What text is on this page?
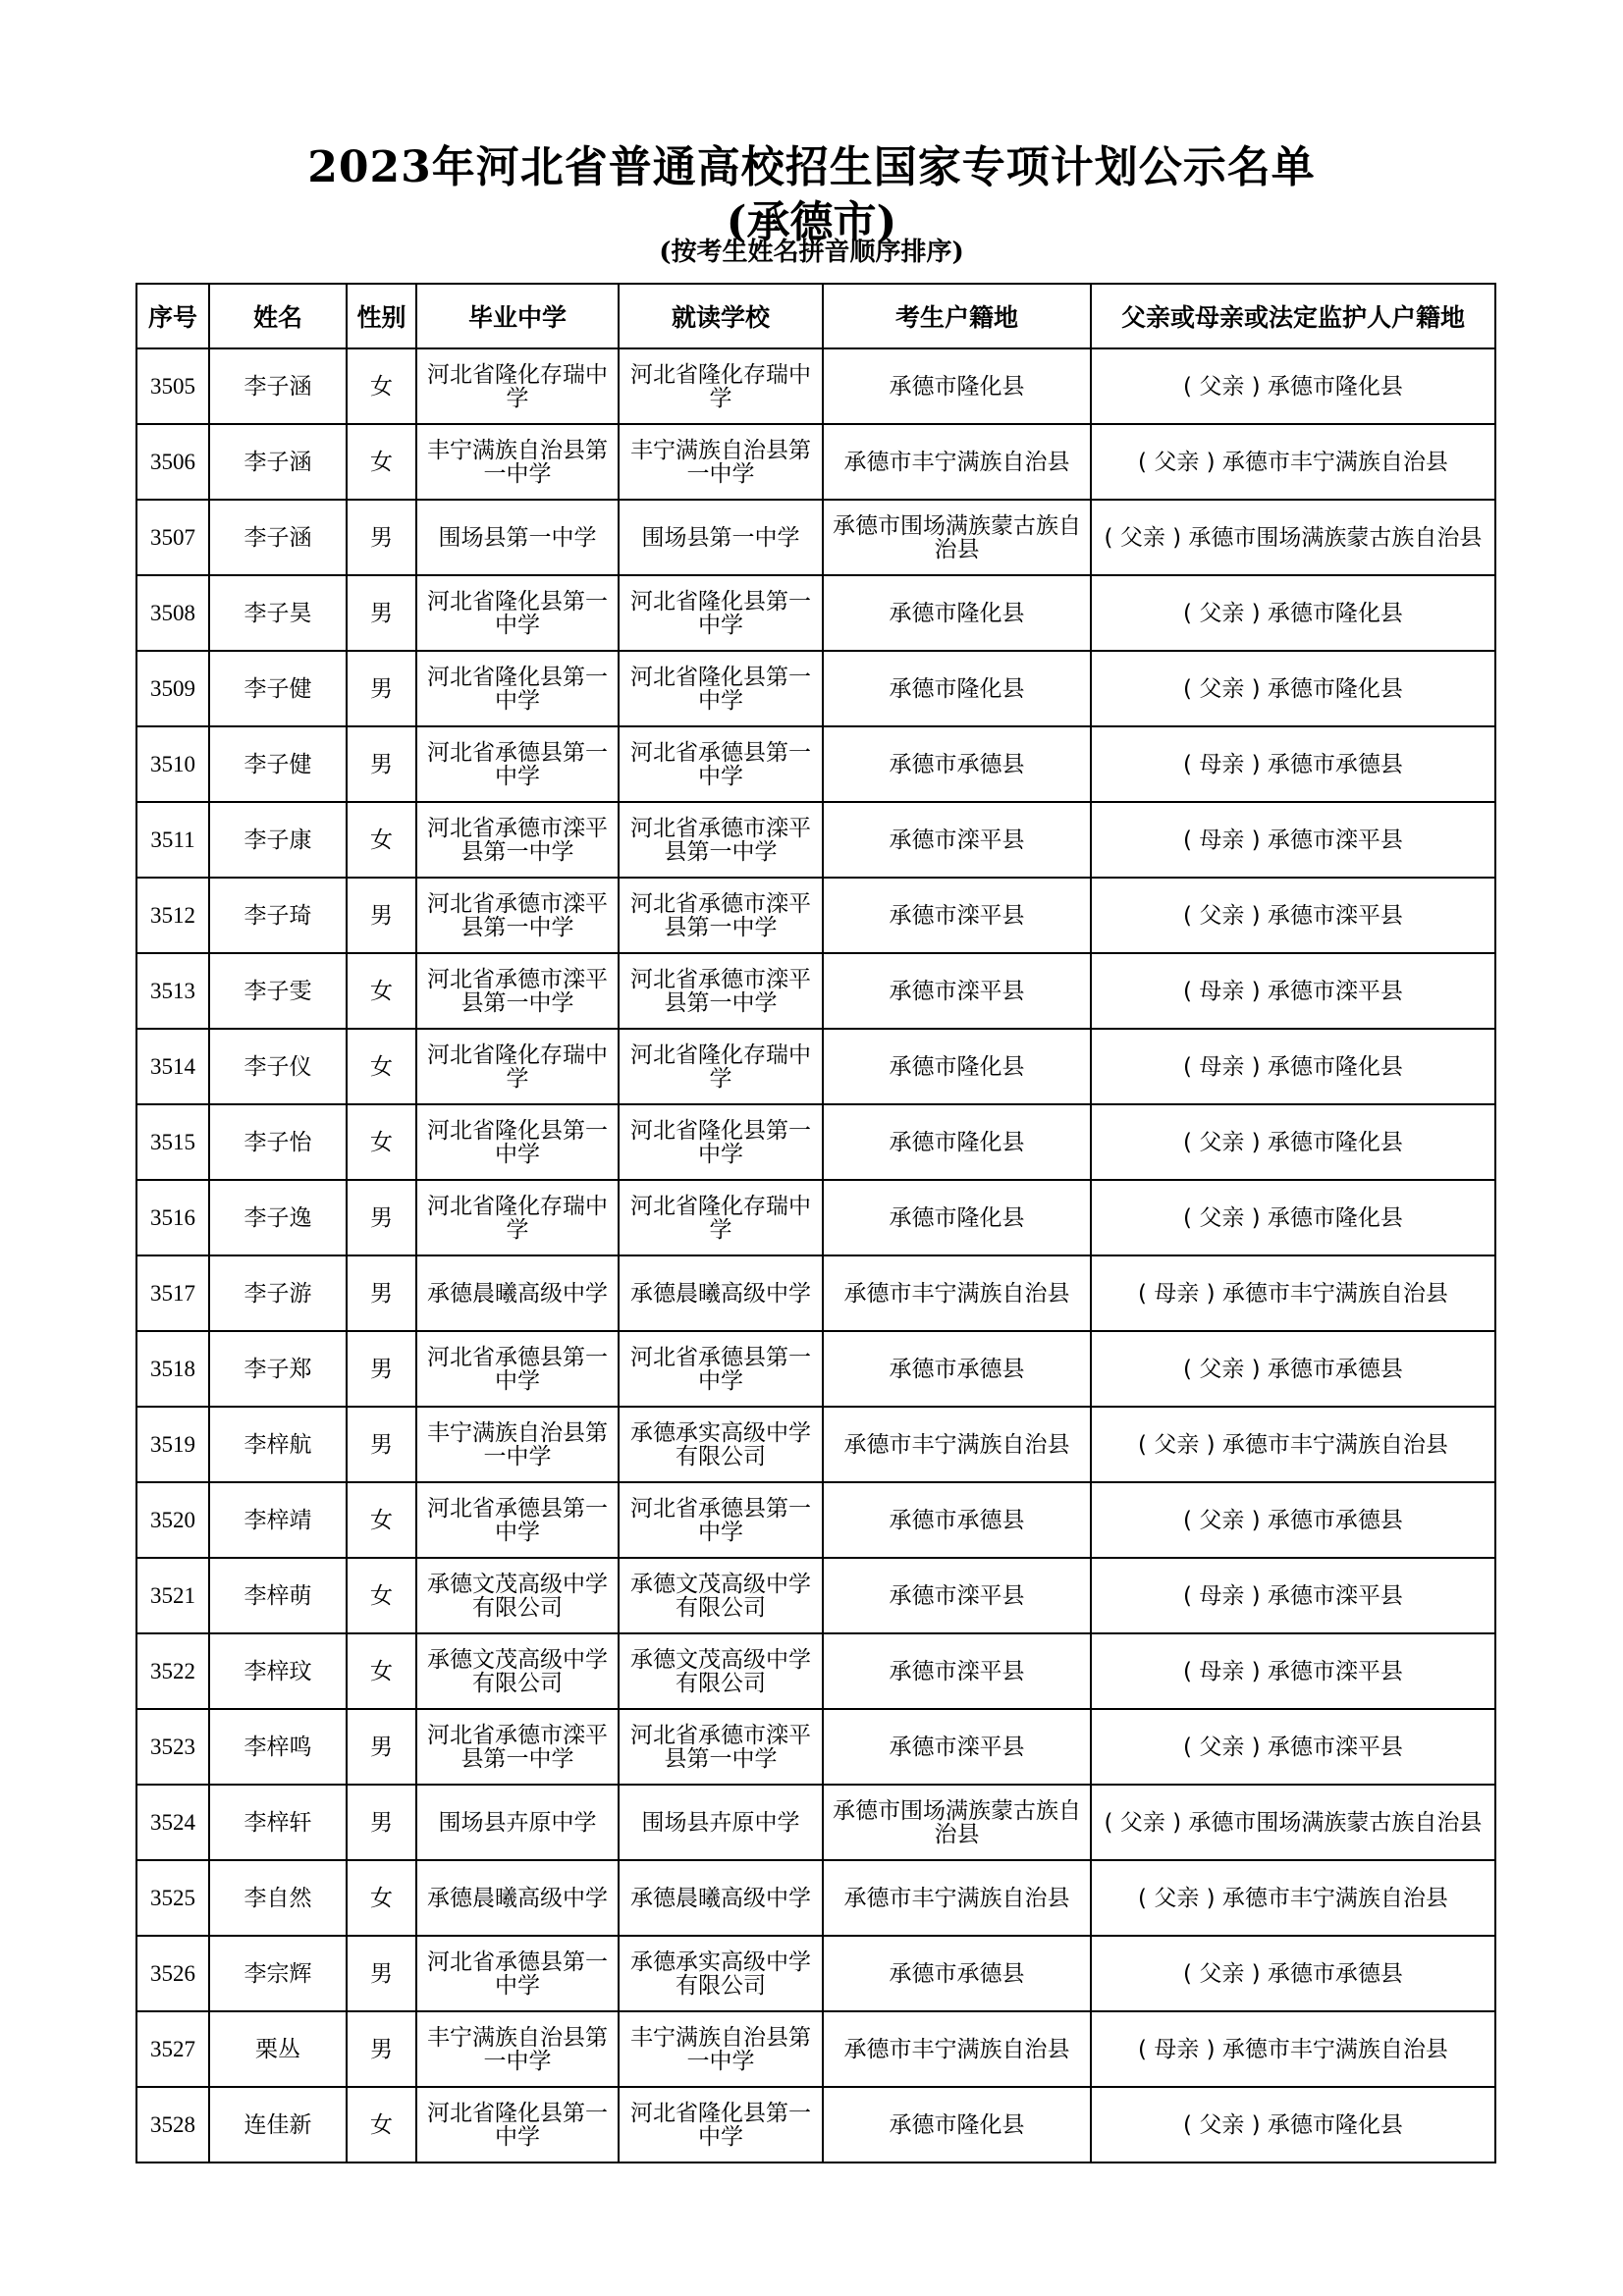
2023年河北省普通高校招生国家专项计划公示名单
(承德市)
(按考生姓名拼音顺序排序)
序号	姓名	性别	毕业中学	就读学校	考生户籍地	父亲或母亲或法定监护人户籍地
3505	李子涵	女	河北省隆化存瑞中学	河北省隆化存瑞中学	承德市隆化县	( 父亲 ) 承德市隆化县
3506	李子涵	女	丰宁满族自治县第一中学	丰宁满族自治县第一中学	承德市丰宁满族自治县	( 父亲 ) 承德市丰宁满族自治县
3507	李子涵	男	围场县第一中学	围场县第一中学	承德市围场满族蒙古族自治县	( 父亲 ) 承德市围场满族蒙古族自治县
3508	李子昊	男	河北省隆化县第一中学	河北省隆化县第一中学	承德市隆化县	( 父亲 ) 承德市隆化县
3509	李子健	男	河北省隆化县第一中学	河北省隆化县第一中学	承德市隆化县	( 父亲 ) 承德市隆化县
3510	李子健	男	河北省承德县第一中学	河北省承德县第一中学	承德市承德县	( 母亲 ) 承德市承德县
3511	李子康	女	河北省承德市滦平县第一中学	河北省承德市滦平县第一中学	承德市滦平县	( 母亲 ) 承德市滦平县
3512	李子琦	男	河北省承德市滦平县第一中学	河北省承德市滦平县第一中学	承德市滦平县	( 父亲 ) 承德市滦平县
3513	李子雯	女	河北省承德市滦平县第一中学	河北省承德市滦平县第一中学	承德市滦平县	( 母亲 ) 承德市滦平县
3514	李子仪	女	河北省隆化存瑞中学	河北省隆化存瑞中学	承德市隆化县	( 母亲 ) 承德市隆化县
3515	李子怡	女	河北省隆化县第一中学	河北省隆化县第一中学	承德市隆化县	( 父亲 ) 承德市隆化县
3516	李子逸	男	河北省隆化存瑞中学	河北省隆化存瑞中学	承德市隆化县	( 父亲 ) 承德市隆化县
3517	李子游	男	承德晨曦高级中学	承德晨曦高级中学	承德市丰宁满族自治县	( 母亲 ) 承德市丰宁满族自治县
3518	李子郑	男	河北省承德县第一中学	河北省承德县第一中学	承德市承德县	( 父亲 ) 承德市承德县
3519	李梓航	男	丰宁满族自治县第一中学	承德承实高级中学有限公司	承德市丰宁满族自治县	( 父亲 ) 承德市丰宁满族自治县
3520	李梓靖	女	河北省承德县第一中学	河北省承德县第一中学	承德市承德县	( 父亲 ) 承德市承德县
3521	李梓萌	女	承德文茂高级中学有限公司	承德文茂高级中学有限公司	承德市滦平县	( 母亲 ) 承德市滦平县
3522	李梓玟	女	承德文茂高级中学有限公司	承德文茂高级中学有限公司	承德市滦平县	( 母亲 ) 承德市滦平县
3523	李梓鸣	男	河北省承德市滦平县第一中学	河北省承德市滦平县第一中学	承德市滦平县	( 父亲 ) 承德市滦平县
3524	李梓轩	男	围场县卉原中学	围场县卉原中学	承德市围场满族蒙古族自治县	( 父亲 ) 承德市围场满族蒙古族自治县
3525	李自然	女	承德晨曦高级中学	承德晨曦高级中学	承德市丰宁满族自治县	( 父亲 ) 承德市丰宁满族自治县
3526	李宗辉	男	河北省承德县第一中学	承德承实高级中学有限公司	承德市承德县	( 父亲 ) 承德市承德县
3527	栗丛	男	丰宁满族自治县第一中学	丰宁满族自治县第一中学	承德市丰宁满族自治县	( 母亲 ) 承德市丰宁满族自治县
3528	连佳新	女	河北省隆化县第一中学	河北省隆化县第一中学	承德市隆化县	( 父亲 ) 承德市隆化县
